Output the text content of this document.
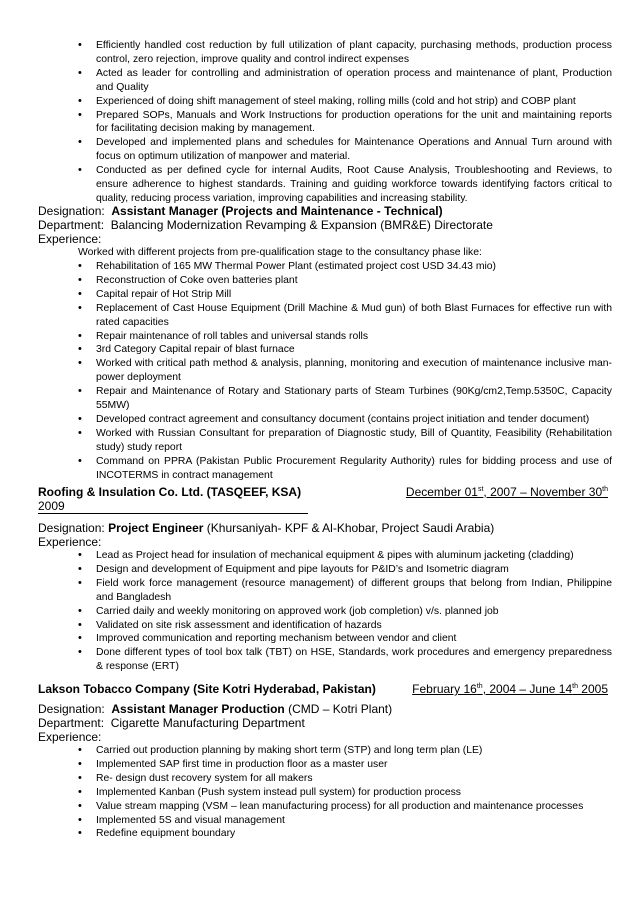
• Efficiently handled cost reduction by full utilization of plant capacity, purchasing methods, production process control, zero rejection, improve quality and control indirect expenses
• Acted as leader for controlling and administration of operation process and maintenance of plant, Production and Quality
• Experienced of doing shift management of steel making, rolling mills (cold and hot strip) and COBP plant
• Prepared SOPs, Manuals and Work Instructions for production operations for the unit and maintaining reports for facilitating decision making by management.
• Developed and implemented plans and schedules for Maintenance Operations and Annual Turn around with focus on optimum utilization of manpower and material.
• Conducted as per defined cycle for internal Audits, Root Cause Analysis, Troubleshooting and Reviews, to ensure adherence to highest standards. Training and guiding workforce towards identifying factors critical to quality, reducing process variation, improving capabilities and increasing stability.
Designation: Assistant Manager (Projects and Maintenance - Technical)
Department: Balancing Modernization Revamping & Expansion (BMR&E) Directorate
Experience:
Worked with different projects from pre-qualification stage to the consultancy phase like:
• Rehabilitation of 165 MW Thermal Power Plant (estimated project cost USD 34.43 mio)
• Reconstruction of Coke oven batteries plant
• Capital repair of Hot Strip Mill
• Replacement of Cast House Equipment (Drill Machine & Mud gun) of both Blast Furnaces for effective run with rated capacities
• Repair maintenance of roll tables and universal stands rolls
• 3rd Category Capital repair of blast furnace
• Worked with critical path method & analysis, planning, monitoring and execution of maintenance inclusive man-power deployment
• Repair and Maintenance of Rotary and Stationary parts of Steam Turbines (90Kg/cm2,Temp.5350C, Capacity 55MW)
• Developed contract agreement and consultancy document (contains project initiation and tender document)
• Worked with Russian Consultant for preparation of Diagnostic study, Bill of Quantity, Feasibility (Rehabilitation study) study report
• Command on PPRA (Pakistan Public Procurement Regularity Authority) rules for bidding process and use of INCOTERMS in contract management
Roofing & Insulation Co. Ltd. (TASQEEF, KSA)	December 01st, 2007 – November 30th
2009
Designation: Project Engineer (Khursaniyah- KPF & Al-Khobar, Project Saudi Arabia)
Experience:
• Lead as Project head for insulation of mechanical equipment & pipes with aluminum jacketing (cladding)
• Design and development of Equipment and pipe layouts for P&ID’s and Isometric diagram
• Field work force management (resource management) of different groups that belong from Indian, Philippine and Bangladesh
• Carried daily and weekly monitoring on approved work (job completion) v/s. planned job
• Validated on site risk assessment and identification of hazards
• Improved communication and reporting mechanism between vendor and client
• Done different types of tool box talk (TBT) on HSE, Standards, work procedures and emergency preparedness & response (ERT)
Lakson Tobacco Company (Site Kotri Hyderabad, Pakistan)	February 16th, 2004 – June 14th 2005
Designation: Assistant Manager Production (CMD – Kotri Plant)
Department: Cigarette Manufacturing Department
Experience:
• Carried out production planning by making short term (STP) and long term plan (LE)
• Implemented SAP first time in production floor as a master user
• Re- design dust recovery system for all makers
• Implemented Kanban (Push system instead pull system) for production process
• Value stream mapping (VSM – lean manufacturing process) for all production and maintenance processes
• Implemented 5S and visual management
• Redefine equipment boundary
